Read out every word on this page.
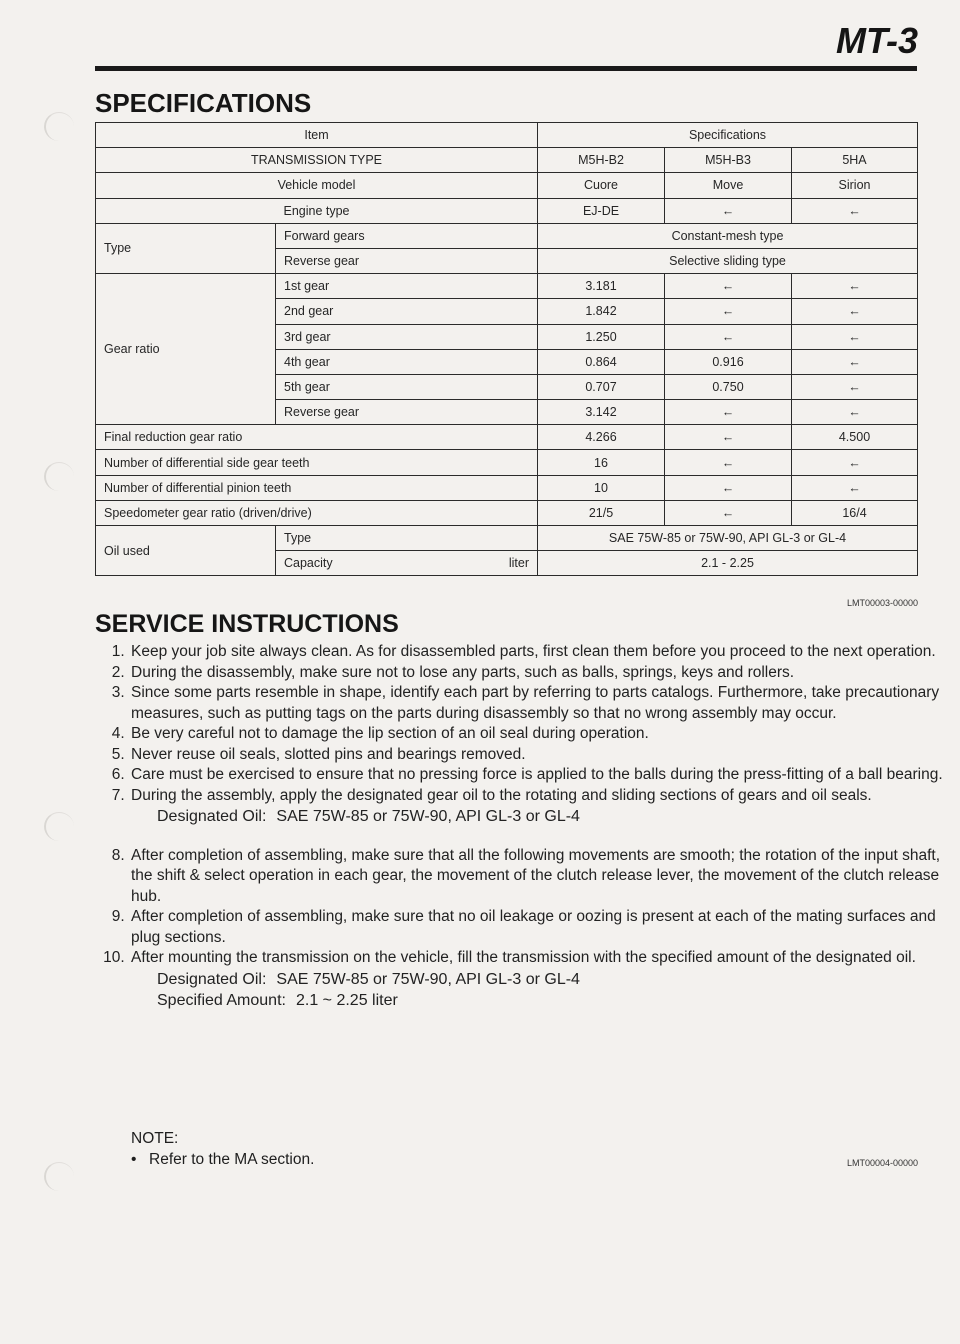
MT-3
SPECIFICATIONS
Item		Specifications		
TRANSMISSION TYPE		M5H-B2	M5H-B3	5HA
Vehicle model		Cuore	Move	Sirion
Engine type		EJ-DE	←	←
Type	Forward gears	Constant-mesh type		
	Reverse gear	Selective sliding type		
Gear ratio	1st gear	3.181	←	←
	2nd gear	1.842	←	←
	3rd gear	1.250	←	←
	4th gear	0.864	0.916	←
	5th gear	0.707	0.750	←
	Reverse gear	3.142	←	←
Final reduction gear ratio		4.266	←	4.500
Number of differential side gear teeth		16	←	←
Number of differential pinion teeth		10	←	←
Speedometer gear ratio (driven/drive)		21/5	←	16/4
Oil used	Type	SAE 75W-85 or 75W-90, API GL-3 or GL-4		

	Capacity liter	2.1 - 2.25		
LMT00003-00000
SERVICE INSTRUCTIONS
1. Keep your job site always clean. As for disassembled parts, first clean them before you proceed to the next operation.
2. During the disassembly, make sure not to lose any parts, such as balls, springs, keys and rollers.
3. Since some parts resemble in shape, identify each part by referring to parts catalogs. Furthermore, take precautionary measures, such as putting tags on the parts during disassembly so that no wrong assembly may occur.
4. Be very careful not to damage the lip section of an oil seal during operation.
5. Never reuse oil seals, slotted pins and bearings removed.
6. Care must be exercised to ensure that no pressing force is applied to the balls during the press-fitting of a ball bearing.
7. During the assembly, apply the designated gear oil to the rotating and sliding sections of gears and oil seals.
Designated Oil: SAE 75W-85 or 75W-90, API GL-3 or GL-4
8. After completion of assembling, make sure that all the following movements are smooth; the rotation of the input shaft, the shift & select operation in each gear, the movement of the clutch release lever, the movement of the clutch release hub.
9. After completion of assembling, make sure that no oil leakage or oozing is present at each of the mating surfaces and plug sections.
10. After mounting the transmission on the vehicle, fill the transmission with the specified amount of the designated oil.
Designated Oil: SAE 75W-85 or 75W-90, API GL-3 or GL-4
Specified Amount: 2.1 ~ 2.25 liter
NOTE:
• Refer to the MA section.	LMT00004-00000
